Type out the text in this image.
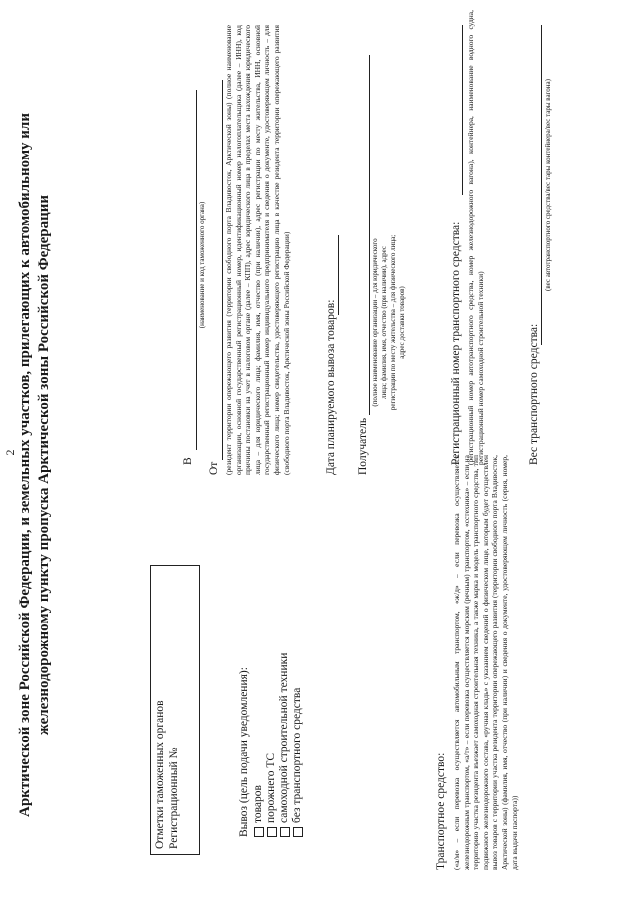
2 Арктической зоне Российской Федерации, и земельных участков, прилегающих к автомобильному или железнодорожному пункту пропуска Арктической зоны Российской Федерации
Отметки таможенных органов Регистрационный №	Вывоз (цель подачи уведомления): товаров порожнего ТС самоходной строительной техники без транспортного средства	Транспортное средство: («а/м» – если перевозка осуществляется автомобильным транспортом, «ж/д» – если перевозка осуществляется железнодорожным транспортом, «а/т» – если перевозка осуществляется морским (речным) транспортом, «сстехника» – если на территорию участка резидента въезжает самоходная строительная техника, а также марка и модель транспортного средства, тип подвижного железнодорожного состава, «ручная кладь» с указанием сведений о физическом лице, которым будет осуществлен вывоз товаров с территории участка резидента территории опережающего развития (территории свободного порта Владивосток, Арктической зоны) (фамилия, имя, отчество (при наличии) и сведения о документе, удостоверяющем личность (серия, номер, дата выдачи паспорта))
В
(наименование и код таможенного органа)
От (резидент территории опережающего развития (территории свободного порта Владивосток, Арктической зоны) (полное наименование организации, основной государственный регистрационный номер, идентификационный номер налогоплательщика (далее – ИНН), код причины постановки на учет в налоговом органе (далее – КПП), адрес юридического лица в пределах места нахождения юридического лица – для юридического лица; фамилия, имя, отчество (при наличии), адрес регистрации по месту жительства, ИНН, основной государственный регистрационный номер индивидуального предпринимателя и сведения о документе, удостоверяющем личность – для физического лица; номер свидетельства, удостоверяющего регистрацию лица в качестве резидента территории опережающего развития (свободного порта Владивосток, Арктической зоны Российской Федерации)	Дата планируемого вывоза товаров: Получатель
(полное наименование организации – для юридического лица; фамилия, имя, отчество (при наличии), адрес регистрации по месту жительства – для физического лица; адрес доставки товаров)	Регистрационный номер транспортного средства: (регистрационный номер автотранспортного средства, номер железнодорожного вагона), контейнера, наименование водного судна, регистрационный номер самоходной строительной техники)	Вес транспортного средства:
(вес автотранспортного средства/вес тары контейнера/вес тары вагона)
